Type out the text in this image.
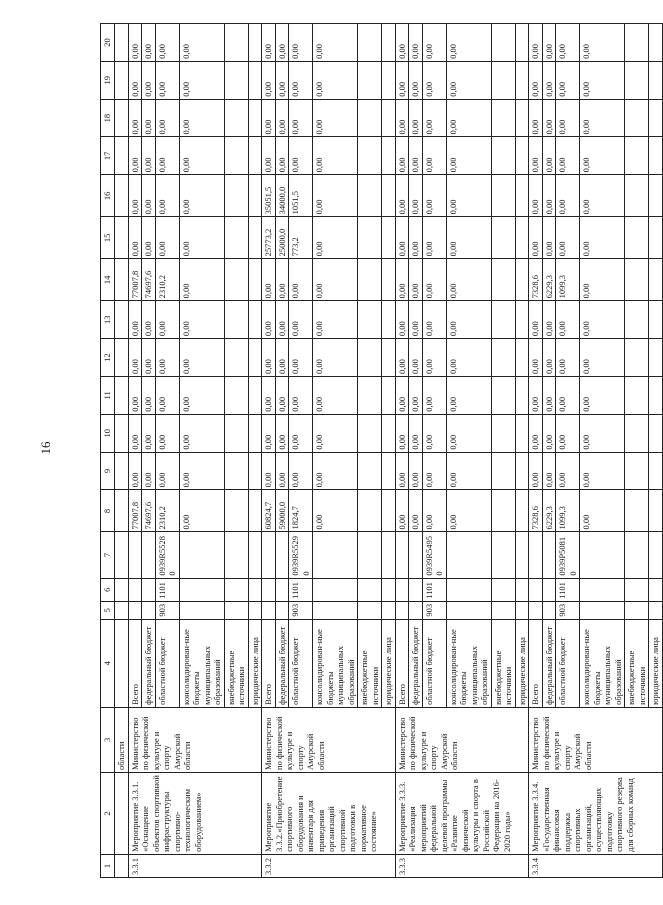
16
1	2	3	4	5	6	7	8	9	10	11	12	13	14	15	16	17	18	19	20
		области																	
3.3.1	Мероприятие 3.3.1. «Оснащение объектов спортивной инфраструктуры спортивно-технологическим оборудованием»	Министерство по физической культуре и спорту Амурской области	Всего				77007,8	0,00	0,00	0,00	0,00	0,00	77007,8	0,00	0,00	0,00	0,00	0,00	0,00
			федеральный бюджет				74697,6	0,00	0,00	0,00	0,00	0,00	74697,6	0,00	0,00	0,00	0,00	0,00	0,00
			областной бюджет	903	1101	0939R55280	2310,2	0,00	0,00	0,00	0,00	0,00	2310,2	0,00	0,00	0,00	0,00	0,00	0,00
			консолидирован-ные бюджеты муниципальных образований				0,00	0,00	0,00	0,00	0,00	0,00	0,00	0,00	0,00	0,00	0,00	0,00	0,00
			внебюджетные источники																
			юридические лица																
3.3.2	Мероприятие 3.3.2.«Приобретение спортивного оборудования и инвентаря для приведения организаций спортивной подготовки в нормативное состояние»	Министерство по физической культуре и спорту Амурской области	Всего				60824,7	0,00	0,00	0,00	0,00	0,00	0,00	25773,2	35051,5	0,00	0,00	0,00	0,00
			федеральный бюджет				59000,0	0,00	0,00	0,00	0,00	0,00	0,00	25000,0	34000,0	0,00	0,00	0,00	0,00
			областной бюджет	903	1101	0939R55290	1824,7	0,00	0,00	0,00	0,00	0,00	0,00	773,2	1051,5	0,00	0,00	0,00	0,00
			консолидирован-ные бюджеты муниципальных образований				0,00	0,00	0,00	0,00	0,00	0,00	0,00	0,00	0,00	0,00	0,00	0,00	0,00
			внебюджетные источники																
			юридические лица																
3.3.3	Мероприятие 3.3.3. «Реализация мероприятий федеральной целевой программы «Развитие физической культуры и спорта в Российской Федерации на 2016-2020 годы»	Министерство по физической культуре и спорту Амурской области	Всего				0,00	0,00	0,00	0,00	0,00	0,00	0,00	0,00	0,00	0,00	0,00	0,00	0,00
			федеральный бюджет				0,00	0,00	0,00	0,00	0,00	0,00	0,00	0,00	0,00	0,00	0,00	0,00	0,00
			областной бюджет	903	1101	0939R54950	0,00	0,00	0,00	0,00	0,00	0,00	0,00	0,00	0,00	0,00	0,00	0,00	0,00
			консолидирован-ные бюджеты муниципальных образований				0,00	0,00	0,00	0,00	0,00	0,00	0,00	0,00	0,00	0,00	0,00	0,00	0,00
			внебюджетные источники																
			юридические лица																
3.3.4	Мероприятие 3.3.4. «Государственная финансовая поддержка спортивных организаций, осуществляющих подготовку спортивного резерва для сборных команд	Министерство по физической культуре и спорту Амурской области	Всего				7328,6	0,00	0,00	0,00	0,00	0,00	7328,6	0,00	0,00	0,00	0,00	0,00	0,00
			федеральный бюджет				6229,3	0,00	0,00	0,00	0,00	0,00	6229,3	0,00	0,00	0,00	0,00	0,00	0,00
			областной бюджет	903	1101	0939P50810	1099,3	0,00	0,00	0,00	0,00	0,00	1099,3	0,00	0,00	0,00	0,00	0,00	0,00
			консолидирован-ные бюджеты муниципальных образований				0,00	0,00	0,00	0,00	0,00	0,00	0,00	0,00	0,00	0,00	0,00	0,00	0,00
			внебюджетные источники																
			юридические лица																
